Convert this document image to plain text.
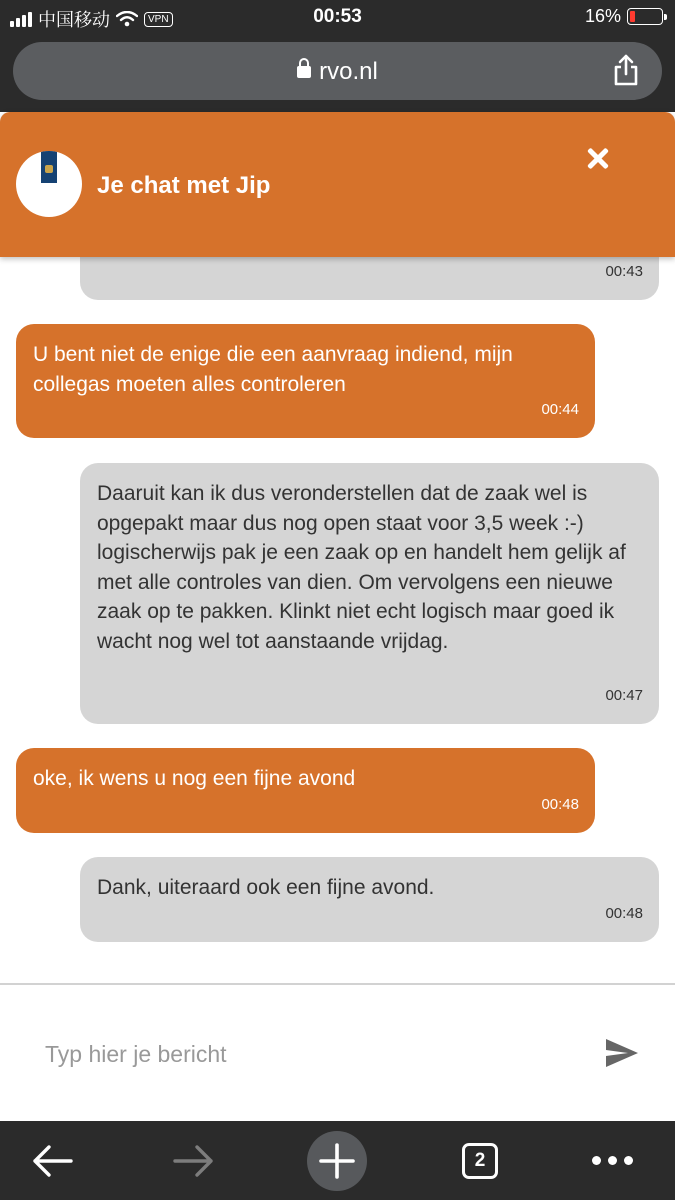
中国移动	VPN	00:53	16%
rvo.nl
00:43
U bent niet de enige die een aanvraag indiend, mijn collegas moeten alles controleren
00:44
Daaruit kan ik dus veronderstellen dat de zaak wel is opgepakt maar dus nog open staat voor 3,5 week :-) logischerwijs pak je een zaak op en handelt hem gelijk af met alle controles van dien. Om vervolgens een nieuwe zaak op te pakken. Klinkt niet echt logisch maar goed ik wacht nog wel tot aanstaande vrijdag.
00:47
oke, ik wens u nog een fijne avond
00:48
Dank, uiteraard ook een fijne avond.
00:48
Je chat met Jip
Typ hier je bericht
2
